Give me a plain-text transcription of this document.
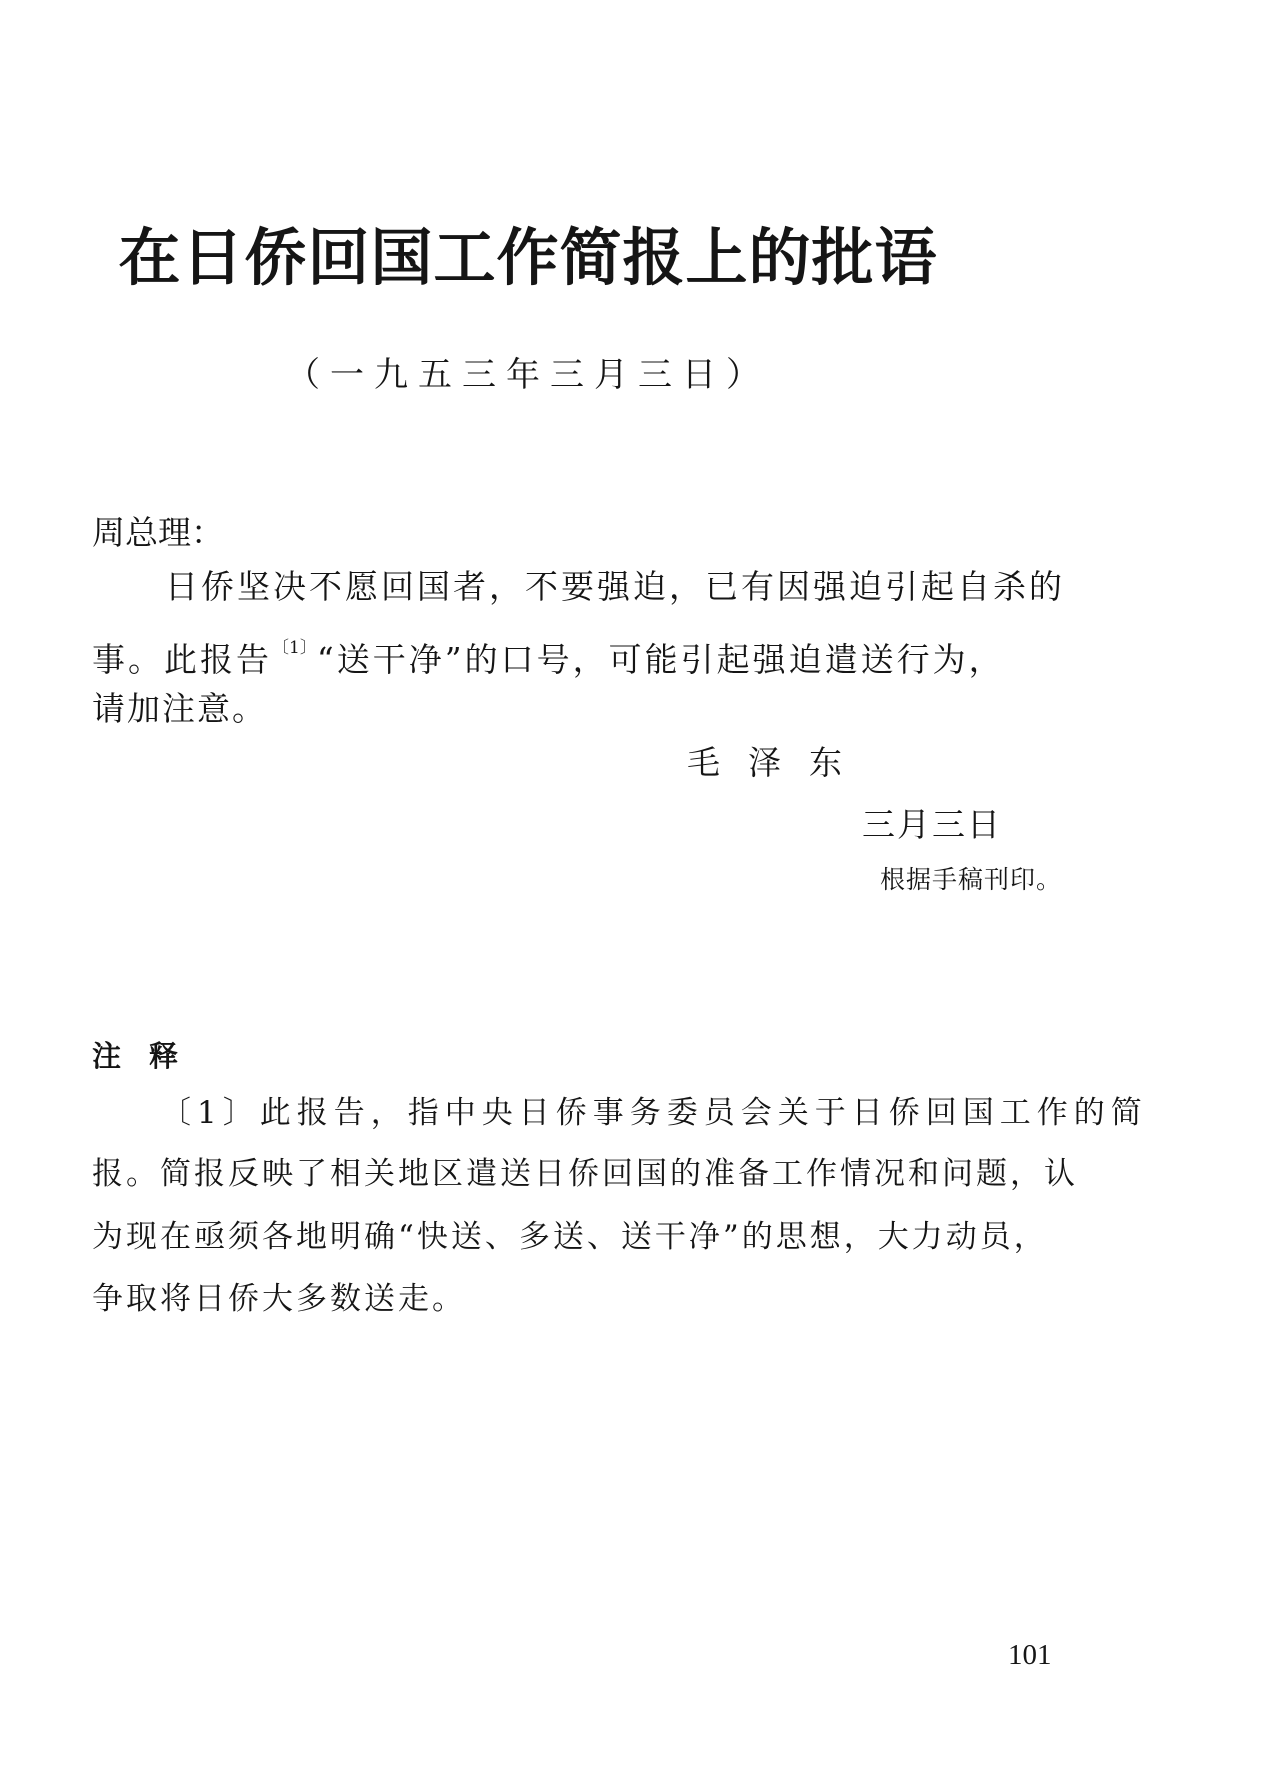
在日侨回国工作简报上的批语
（一九五三年三月三日）
周总理：
日侨坚决不愿回国者，不要强迫，已有因强迫引起自杀的
事。此报告$^{〔1〕}$“送干净”的口号，可能引起强迫遣送行为，
请加注意。
毛泽东
三月三日
根据手稿刊印。
注释
〔1〕此报告，指中央日侨事务委员会关于日侨回国工作的简
报。简报反映了相关地区遣送日侨回国的准备工作情况和问题，认
为现在亟须各地明确“快送、多送、送干净”的思想，大力动员，
争取将日侨大多数送走。
101
